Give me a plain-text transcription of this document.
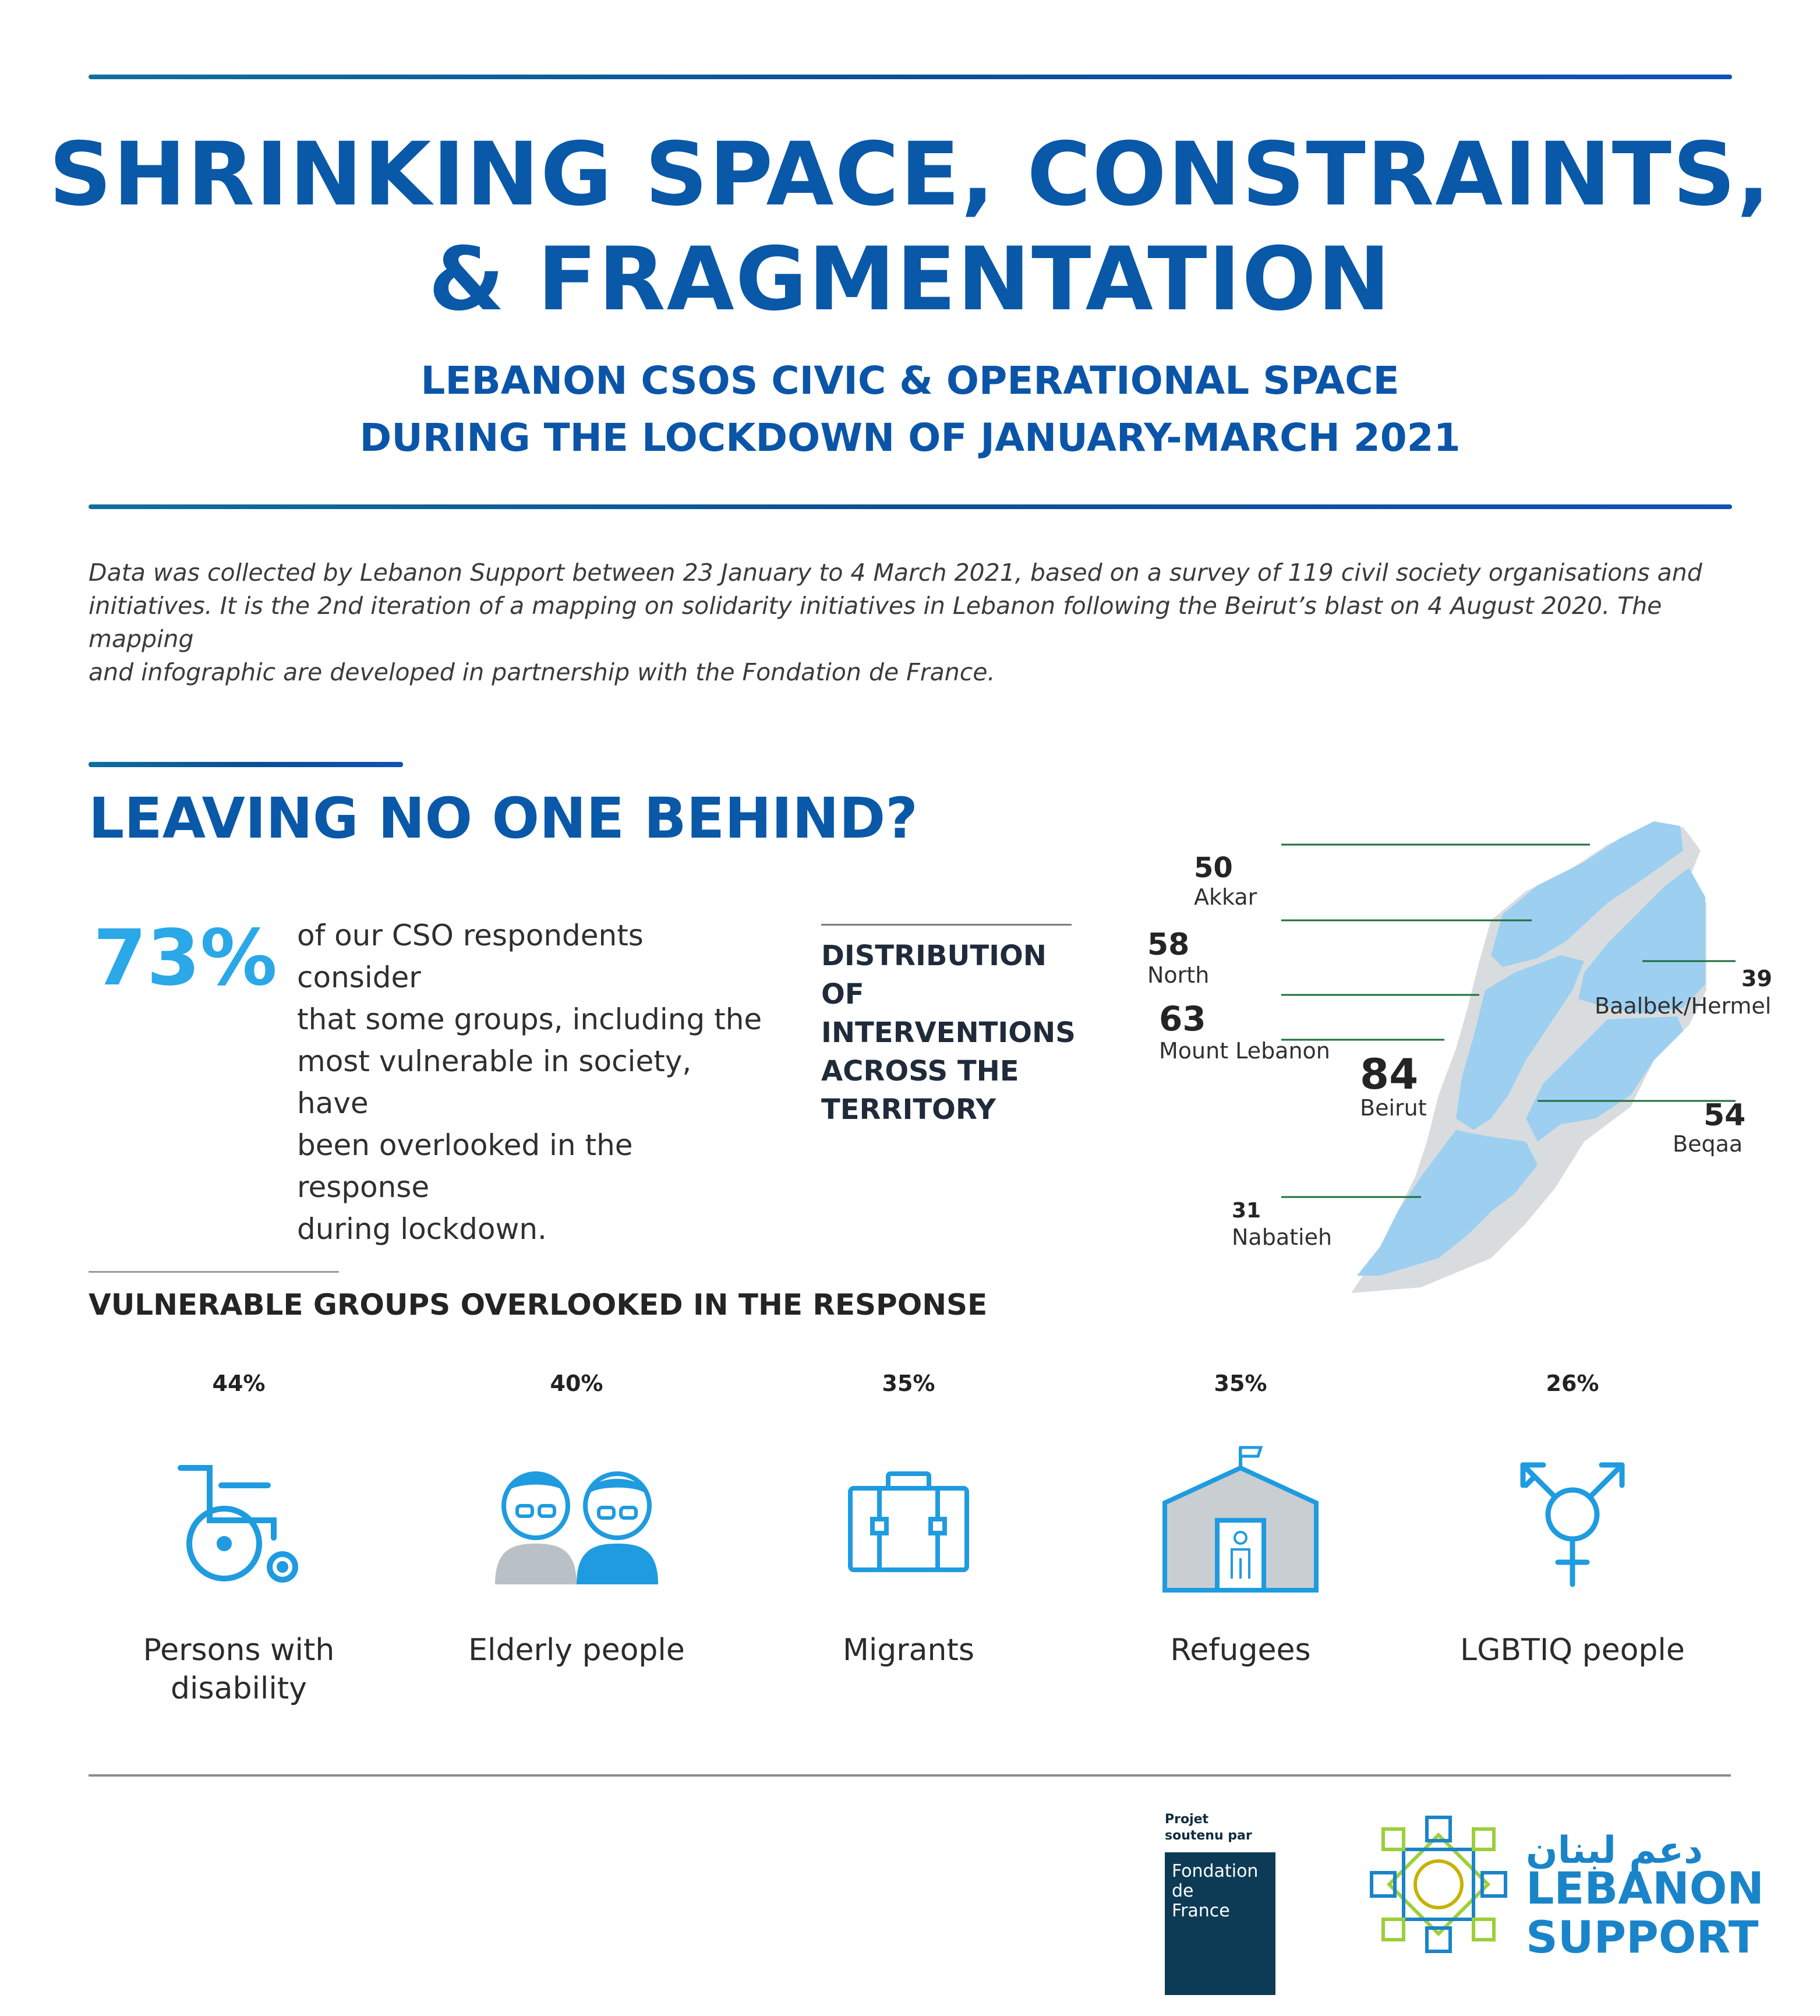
SHRINKING SPACE, CONSTRAINTS,
& FRAGMENTATION
LEBANON CSOS CIVIC & OPERATIONAL SPACE
DURING THE LOCKDOWN OF JANUARY-MARCH 2021
Data was collected by Lebanon Support between 23 January to 4 March 2021, based on a survey of 119 civil society organisations and
initiatives. It is the 2nd iteration of a mapping on solidarity initiatives in Lebanon following the Beirut’s blast on 4 August 2020. The mapping
and infographic are developed in partnership with the Fondation de France.
LEAVING NO ONE BEHIND?
73% of our CSO respondents consider
that some groups, including the
most vulnerable in society, have
been overlooked in the response
during lockdown.
DISTRIBUTION OF
INTERVENTIONS
ACROSS THE
TERRITORY
50
Akkar
58
North	39
Baalbek/Hermel
63
Mount Lebanon 84
Beirut	54
Beqaa
31
Nabatieh
VULNERABLE GROUPS OVERLOOKED IN THE RESPONSE
44%
Persons with
disability
40%
Elderly people
35%
Migrants
35%
Refugees
26%
LGBTIQ people
Projet
soutenu par
Fondation
de
France
دعم لبنان
LEBANON
SUPPORT
